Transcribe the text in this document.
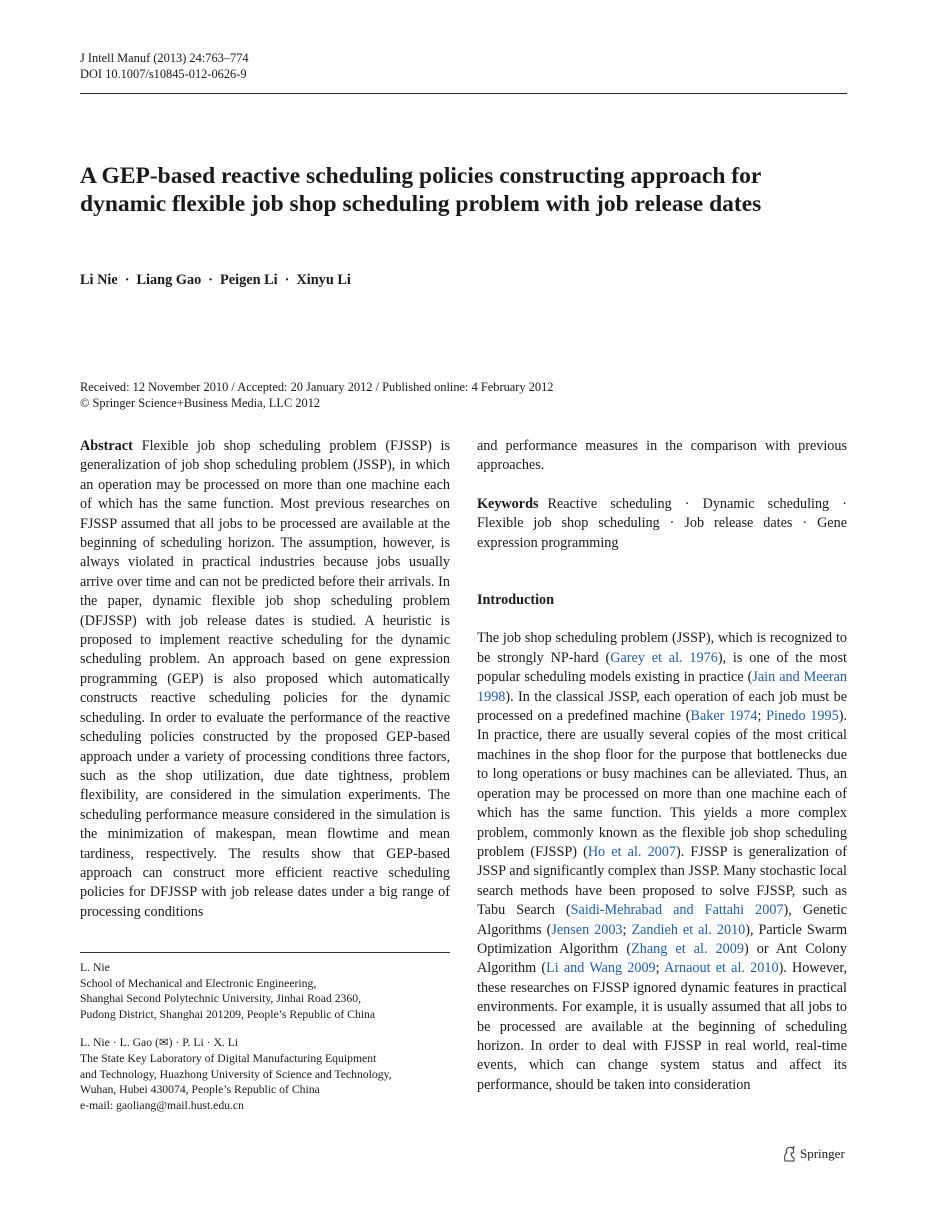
J Intell Manuf (2013) 24:763–774
DOI 10.1007/s10845-012-0626-9
A GEP-based reactive scheduling policies constructing approach for dynamic flexible job shop scheduling problem with job release dates
Li Nie · Liang Gao · Peigen Li · Xinyu Li
Received: 12 November 2010 / Accepted: 20 January 2012 / Published online: 4 February 2012
© Springer Science+Business Media, LLC 2012

Abstract Flexible job shop scheduling problem (FJSSP) is generalization of job shop scheduling problem (JSSP), in which an operation may be processed on more than one machine each of which has the same function. Most previous researches on FJSSP assumed that all jobs to be processed are available at the beginning of scheduling horizon. The assumption, however, is always violated in practical industries because jobs usually arrive over time and can not be predicted before their arrivals. In the paper, dynamic flexible job shop scheduling problem (DFJSSP) with job release dates is studied. A heuristic is proposed to implement reactive scheduling for the dynamic scheduling problem. An approach based on gene expression programming (GEP) is also proposed which automatically constructs reactive scheduling policies for the dynamic scheduling. In order to evaluate the performance of the reactive scheduling policies constructed by the proposed GEP-based approach under a variety of processing conditions three factors, such as the shop utilization, due date tightness, problem flexibility, are considered in the simulation experiments. The scheduling performance measure considered in the simulation is the minimization of makespan, mean flowtime and mean tardiness, respectively. The results show that GEP-based approach can construct more efficient reactive scheduling policies for DFJSSP with job release dates under a big range of processing conditions

and performance measures in the comparison with previous approaches.

Keywords Reactive scheduling · Dynamic scheduling · Flexible job shop scheduling · Job release dates · Gene expression programming

Introduction

The job shop scheduling problem (JSSP), which is recognized to be strongly NP-hard (Garey et al. 1976), is one of the most popular scheduling models existing in practice (Jain and Meeran 1998). In the classical JSSP, each operation of each job must be processed on a predefined machine (Baker 1974; Pinedo 1995). In practice, there are usually several copies of the most critical machines in the shop floor for the purpose that bottlenecks due to long operations or busy machines can be alleviated. Thus, an operation may be processed on more than one machine each of which has the same function. This yields a more complex problem, commonly known as the flexible job shop scheduling problem (FJSSP) (Ho et al. 2007). FJSSP is generalization of JSSP and significantly complex than JSSP. Many stochastic local search methods have been proposed to solve FJSSP, such as Tabu Search (Saidi-Mehrabad and Fattahi 2007), Genetic Algorithms (Jensen 2003; Zandieh et al. 2010), Particle Swarm Optimization Algorithm (Zhang et al. 2009) or Ant Colony Algorithm (Li and Wang 2009; Arnaout et al. 2010). However, these researches on FJSSP ignored dynamic features in practical environments. For example, it is usually assumed that all jobs to be processed are available at the beginning of scheduling horizon. In order to deal with FJSSP in real world, real-time events, which can change system status and affect its performance, should be taken into consideration

L. Nie
School of Mechanical and Electronic Engineering,
Shanghai Second Polytechnic University, Jinhai Road 2360,
Pudong District, Shanghai 201209, People’s Republic of China
L. Nie · L. Gao (✉) · P. Li · X. Li
The State Key Laboratory of Digital Manufacturing Equipment
and Technology, Huazhong University of Science and Technology,
Wuhan, Hubei 430074, People’s Republic of China
e-mail: gaoliang@mail.hust.edu.cn
Springer
